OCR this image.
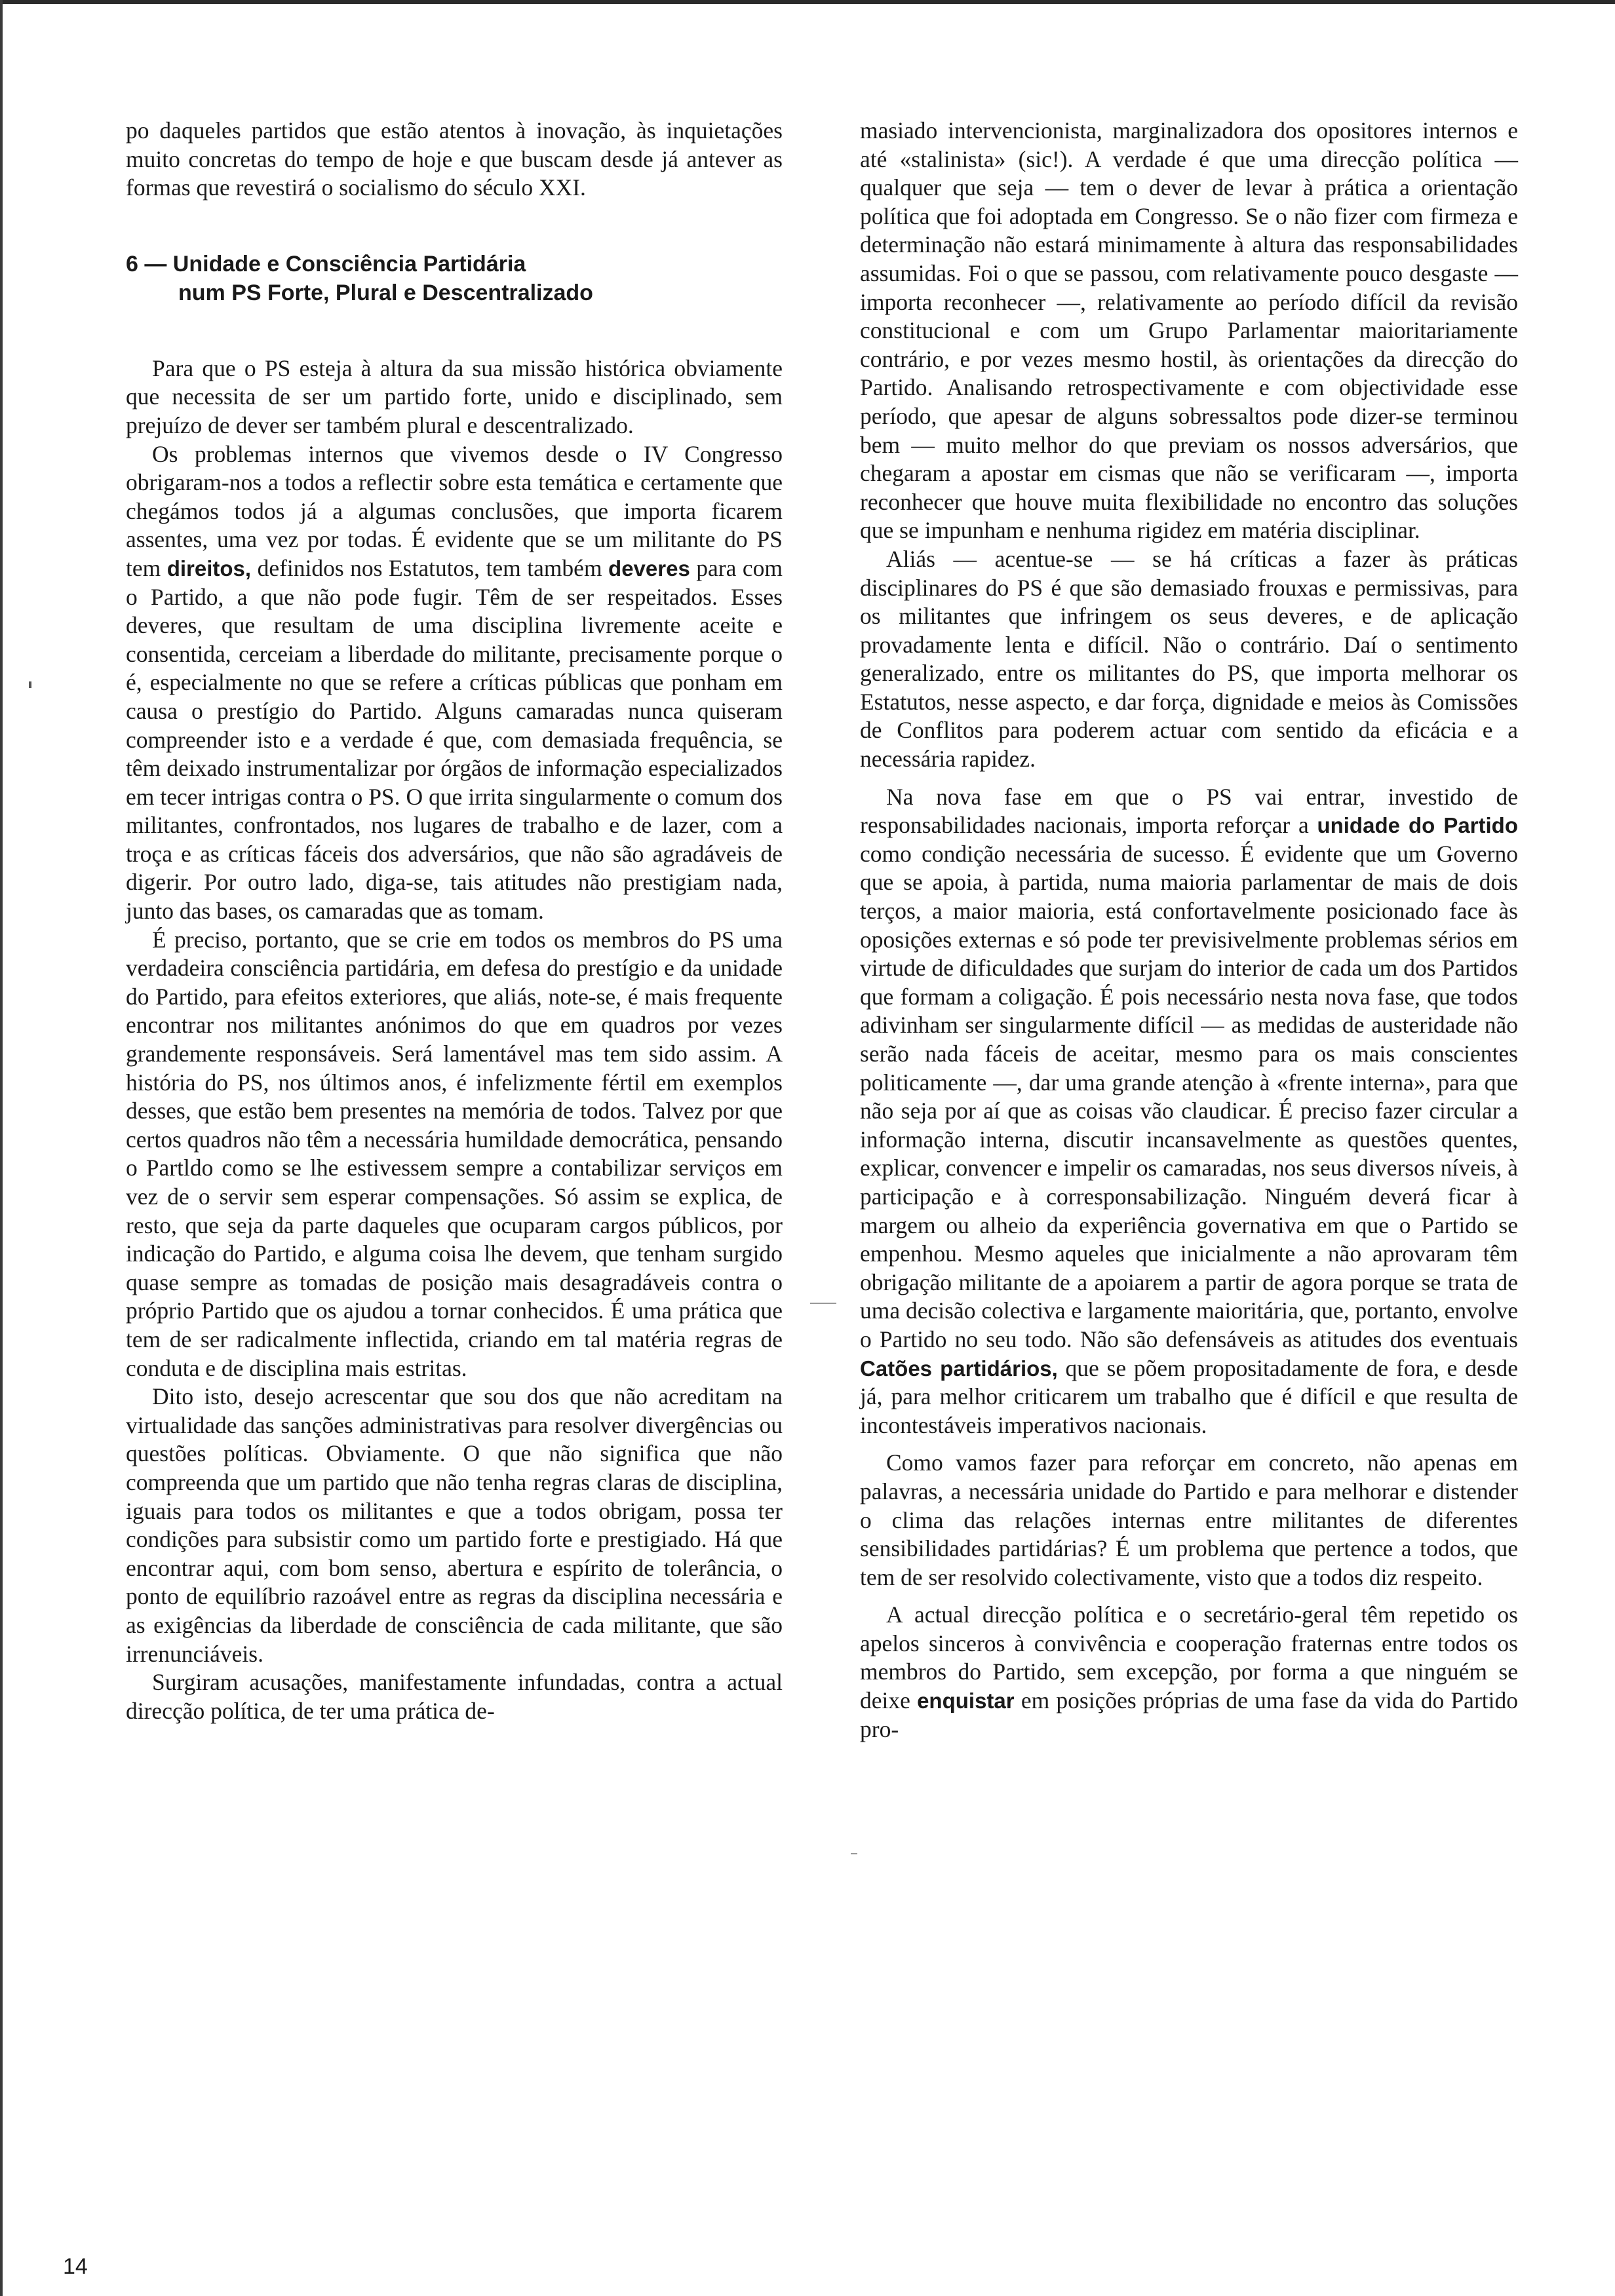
po daqueles partidos que estão atentos à inovação, às inquietações muito concretas do tempo de hoje e que buscam desde já antever as formas que revestirá o socialismo do século XXI.

6 — Unidade e Consciência Partidária
num PS Forte, Plural e Descentralizado

Para que o PS esteja à altura da sua missão histórica obviamente que necessita de ser um partido forte, unido e disciplinado, sem prejuízo de dever ser também plural e descentralizado.

Os problemas internos que vivemos desde o IV Congresso obrigaram-nos a todos a reflectir sobre esta temática e certamente que chegámos todos já a algumas conclusões, que importa ficarem assentes, uma vez por todas. É evidente que se um militante do PS tem direitos, definidos nos Estatutos, tem também deveres para com o Partido, a que não pode fugir. Têm de ser respeitados. Esses deveres, que resultam de uma disciplina livremente aceite e consentida, cerceiam a liberdade do militante, precisamente porque o é, especialmente no que se refere a críticas públicas que ponham em causa o prestígio do Partido. Alguns camaradas nunca quiseram compreender isto e a verdade é que, com demasiada frequência, se têm deixado instrumentalizar por órgãos de informação especializados em tecer intrigas contra o PS. O que irrita singularmente o comum dos militantes, confrontados, nos lugares de trabalho e de lazer, com a troça e as críticas fáceis dos adversários, que não são agradáveis de digerir. Por outro lado, diga-se, tais atitudes não prestigiam nada, junto das bases, os camaradas que as tomam.

É preciso, portanto, que se crie em todos os membros do PS uma verdadeira consciência partidária, em defesa do prestígio e da unidade do Partido, para efeitos exteriores, que aliás, note-se, é mais frequente encontrar nos militantes anónimos do que em quadros por vezes grandemente responsáveis. Será lamentável mas tem sido assim. A história do PS, nos últimos anos, é infelizmente fértil em exemplos desses, que estão bem presentes na memória de todos. Talvez por que certos quadros não têm a necessária humildade democrática, pensando o Partldo como se lhe estivessem sempre a contabilizar serviços em vez de o servir sem esperar compensações. Só assim se explica, de resto, que seja da parte daqueles que ocuparam cargos públicos, por indicação do Partido, e alguma coisa lhe devem, que tenham surgido quase sempre as tomadas de posição mais desagradáveis contra o próprio Partido que os ajudou a tornar conhecidos. É uma prática que tem de ser radicalmente inflectida, criando em tal matéria regras de conduta e de disciplina mais estritas.

Dito isto, desejo acrescentar que sou dos que não acreditam na virtualidade das sanções administrativas para resolver divergências ou questões políticas. Obviamente. O que não significa que não compreenda que um partido que não tenha regras claras de disciplina, iguais para todos os militantes e que a todos obrigam, possa ter condições para subsistir como um partido forte e prestigiado. Há que encontrar aqui, com bom senso, abertura e espírito de tolerância, o ponto de equilíbrio razoável entre as regras da disciplina necessária e as exigências da liberdade de consciência de cada militante, que são irrenunciáveis.

Surgiram acusações, manifestamente infundadas, contra a actual direcção política, de ter uma prática de-

masiado intervencionista, marginalizadora dos opositores internos e até «stalinista» (sic!). A verdade é que uma direcção política — qualquer que seja — tem o dever de levar à prática a orientação política que foi adoptada em Congresso. Se o não fizer com firmeza e determinação não estará minimamente à altura das responsabilidades assumidas. Foi o que se passou, com relativamente pouco desgaste — importa reconhecer —, relativamente ao período difícil da revisão constitucional e com um Grupo Parlamentar maioritariamente contrário, e por vezes mesmo hostil, às orientações da direcção do Partido. Analisando retrospectivamente e com objectividade esse período, que apesar de alguns sobressaltos pode dizer-se terminou bem — muito melhor do que previam os nossos adversários, que chegaram a apostar em cismas que não se verificaram —, importa reconhecer que houve muita flexibilidade no encontro das soluções que se impunham e nenhuma rigidez em matéria disciplinar.

Aliás — acentue-se — se há críticas a fazer às práticas disciplinares do PS é que são demasiado frouxas e permissivas, para os militantes que infringem os seus deveres, e de aplicação provadamente lenta e difícil. Não o contrário. Daí o sentimento generalizado, entre os militantes do PS, que importa melhorar os Estatutos, nesse aspecto, e dar força, dignidade e meios às Comissões de Conflitos para poderem actuar com sentido da eficácia e a necessária rapidez.

Na nova fase em que o PS vai entrar, investido de responsabilidades nacionais, importa reforçar a unidade do Partido como condição necessária de sucesso. É evidente que um Governo que se apoia, à partida, numa maioria parlamentar de mais de dois terços, a maior maioria, está confortavelmente posicionado face às oposições externas e só pode ter previsivelmente problemas sérios em virtude de dificuldades que surjam do interior de cada um dos Partidos que formam a coligação. É pois necessário nesta nova fase, que todos adivinham ser singularmente difícil — as medidas de austeridade não serão nada fáceis de aceitar, mesmo para os mais conscientes politicamente —, dar uma grande atenção à «frente interna», para que não seja por aí que as coisas vão claudicar. É preciso fazer circular a informação interna, discutir incansavelmente as questões quentes, explicar, convencer e impelir os camaradas, nos seus diversos níveis, à participação e à corresponsabilização. Ninguém deverá ficar à margem ou alheio da experiência governativa em que o Partido se empenhou. Mesmo aqueles que inicialmente a não aprovaram têm obrigação militante de a apoiarem a partir de agora porque se trata de uma decisão colectiva e largamente maioritária, que, portanto, envolve o Partido no seu todo. Não são defensáveis as atitudes dos eventuais Catões partidários, que se põem propositadamente de fora, e desde já, para melhor criticarem um trabalho que é difícil e que resulta de incontestáveis imperativos nacionais.

Como vamos fazer para reforçar em concreto, não apenas em palavras, a necessária unidade do Partido e para melhorar e distender o clima das relações internas entre militantes de diferentes sensibilidades partidárias? É um problema que pertence a todos, que tem de ser resolvido colectivamente, visto que a todos diz respeito.

A actual direcção política e o secretário-geral têm repetido os apelos sinceros à convivência e cooperação fraternas entre todos os membros do Partido, sem excepção, por forma a que ninguém se deixe enquistar em posições próprias de uma fase da vida do Partido pro-

14
